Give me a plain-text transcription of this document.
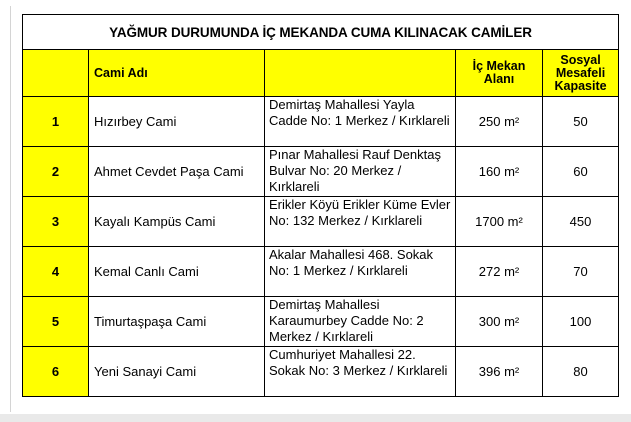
YAĞMUR DURUMUNDA İÇ MEKANDA CUMA KILINACAK CAMİLER				
	Cami Adı		İç Mekan Alanı	Sosyal Mesafeli Kapasite
1	Hızırbey Cami	Demirtaş Mahallesi Yayla Cadde No: 1 Merkez / Kırklareli	250 m²	50
2	Ahmet Cevdet Paşa Cami	Pınar Mahallesi Rauf Denktaş Bulvar No: 20 Merkez / Kırklareli	160 m²	60
3	Kayalı Kampüs Cami	Erikler Köyü Erikler Küme Evler No: 132 Merkez / Kırklareli	1700 m²	450
4	Kemal Canlı Cami	Akalar Mahallesi 468. Sokak No: 1 Merkez / Kırklareli	272 m²	70
5	Timurtaşpaşa Cami	Demirtaş Mahallesi Karaumurbey Cadde No: 2 Merkez / Kırklareli	300 m²	100
6	Yeni Sanayi Cami	Cumhuriyet Mahallesi 22. Sokak No: 3 Merkez / Kırklareli	396 m²	80
